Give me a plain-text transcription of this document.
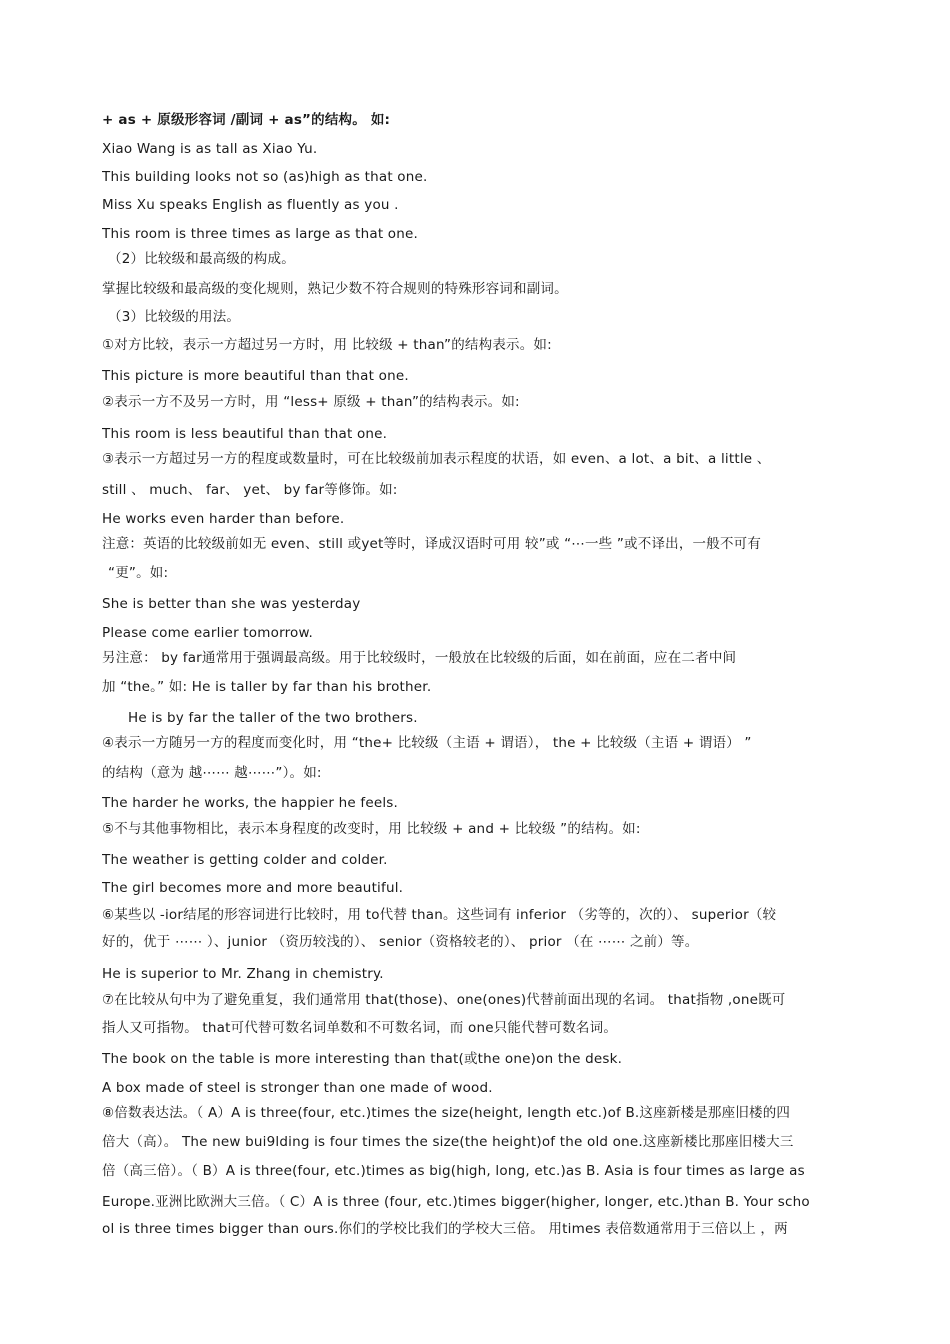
+ as + 原级形容词 /副词 + as”的结构。 如:
Xiao Wang is as tall as Xiao Yu.
This building looks not so (as)high as that one.
Miss Xu speaks English as fluently as you .
This room is three times as large as that one.
（2）比较级和最高级的构成。
掌握比较级和最高级的变化规则，熟记少数不符合规则的特殊形容词和副词。
（3）比较级的用法。
①对方比较，表示一方超过另一方时，用 比较级 + than”的结构表示。如:
This picture is more beautiful than that one.
②表示一方不及另一方时，用 “less+ 原级 + than”的结构表示。如:
This room is less beautiful than that one.
③表示一方超过另一方的程度或数量时，可在比较级前加表示程度的状语，如 even、a lot、a bit、a little 、
still 、 much、 far、 yet、 by far等修饰。如:
He works even harder than before.
注意：英语的比较级前如无 even、still 或yet等时，译成汉语时可用 较”或 “⋯一些 ”或不译出，一般不可有
“更”。如:
She is better than she was yesterday
Please come earlier tomorrow.
另注意： by far通常用于强调最高级。用于比较级时，一般放在比较级的后面，如在前面，应在二者中间
加 “the。” 如: He is taller by far than his brother.
He is by far the taller of the two brothers.
④表示一方随另一方的程度而变化时，用 “the+ 比较级（主语 + 谓语）， the + 比较级（主语 + 谓语） ”
的结构（意为 越⋯⋯ 越⋯⋯”）。如:
The harder he works, the happier he feels.
⑤不与其他事物相比，表示本身程度的改变时，用 比较级 + and + 比较级 ”的结构。如:
The weather is getting colder and colder.
The girl becomes more and more beautiful.
⑥某些以 -ior结尾的形容词进行比较时，用 to代替 than。这些词有 inferior （劣等的，次的）、 superior（较
好的，优于 ⋯⋯ ）、junior （资历较浅的）、 senior（资格较老的）、 prior （在 ⋯⋯ 之前）等。
He is superior to Mr. Zhang in chemistry.
⑦在比较从句中为了避免重复，我们通常用 that(those)、one(ones)代替前面出现的名词。 that指物 ,one既可
指人又可指物。 that可代替可数名词单数和不可数名词，而 one只能代替可数名词。
The book on the table is more interesting than that(或the one)on the desk.
A box made of steel is stronger than one made of wood.
⑧倍数表达法。（ A）A is three(four, etc.)times the size(height, length etc.)of B.这座新楼是那座旧楼的四
倍大（高）。 The new bui9lding is four times the size(the height)of the old one.这座新楼比那座旧楼大三
倍（高三倍）。（ B）A is three(four, etc.)times as big(high, long, etc.)as B. Asia is four times as large as
Europe.亚洲比欧洲大三倍。（ C）A is three (four, etc.)times bigger(higher, longer, etc.)than B. Your scho
ol is three times bigger than ours.你们的学校比我们的学校大三倍。 用times 表倍数通常用于三倍以上 ，两
